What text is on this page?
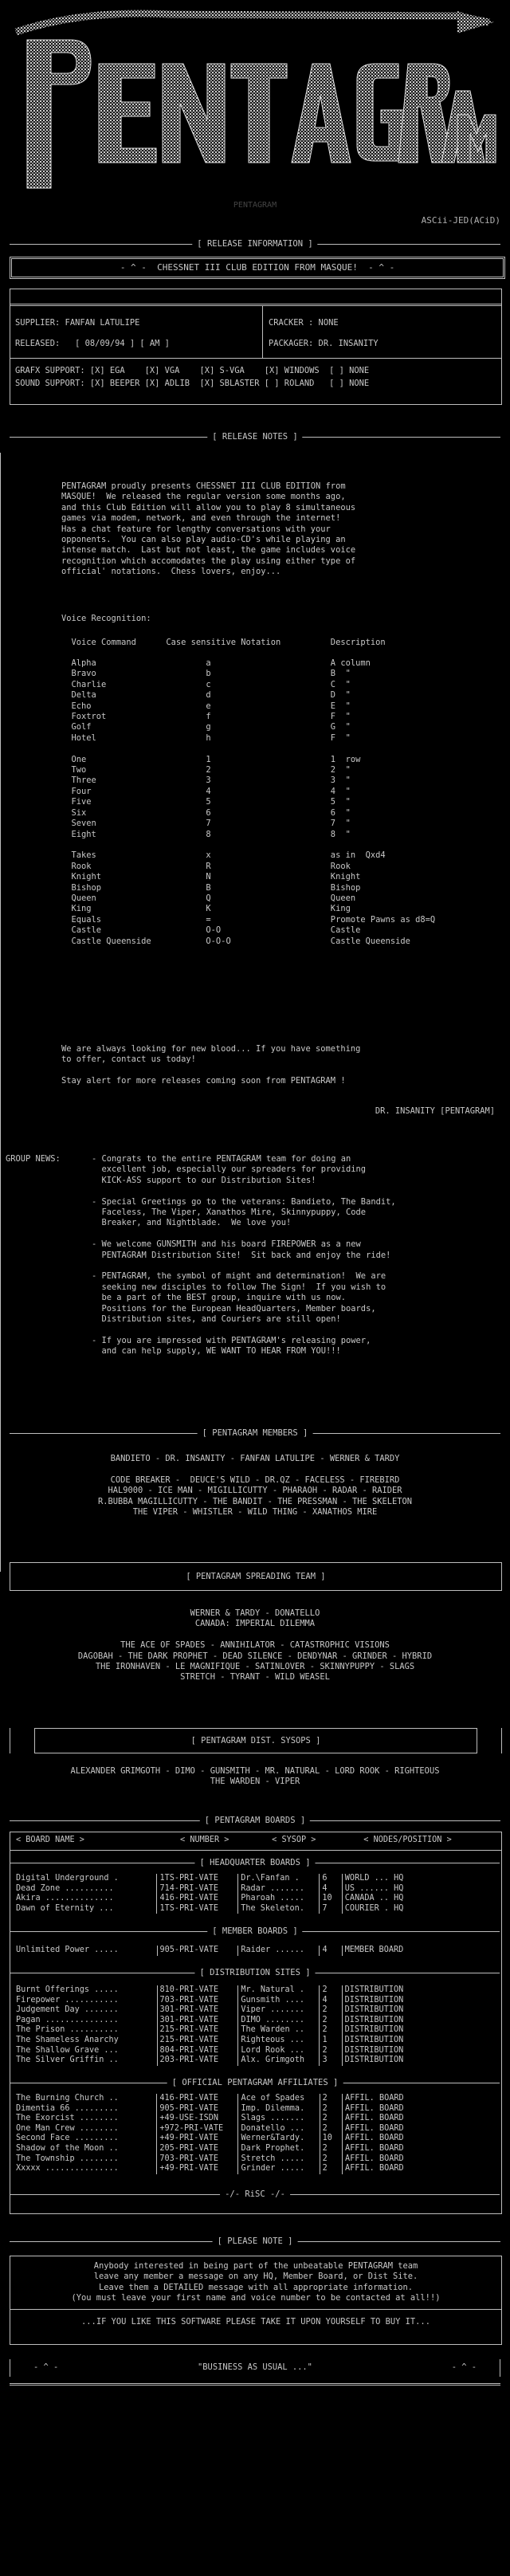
PENTAGRAM
ASCii-JED(ACiD)
[ RELEASE INFORMATION ]
- ^ -  CHESSNET III CLUB EDITION FROM MASQUE!  - ^ -
SUPPLIER: FANFAN LATULIPE	CRACKER : NONE
RELEASED:   [ 08/09/94 ] [ AM ]	PACKAGER: DR. INSANITY
GRAFX SUPPORT: [X] EGA    [X] VGA    [X] S-VGA    [X] WINDOWS  [ ] NONE
SOUND SUPPORT: [X] BEEPER [X] ADLIB  [X] SBLASTER [ ] ROLAND   [ ] NONE
[ RELEASE NOTES ]
PENTAGRAM proudly presents CHESSNET III CLUB EDITION from
MASQUE!  We released the regular version some months ago,
and this Club Edition will allow you to play 8 simultaneous
games via modem, network, and even through the internet!
Has a chat feature for lengthy conversations with your
opponents.  You can also play audio-CD's while playing an
intense match.  Last but not least, the game includes voice
recognition which accomodates the play using either type of
official' notations.  Chess lovers, enjoy...
Voice Recognition:
Voice Command      Case sensitive Notation          Description
Alpha                      a                        A column
Bravo                      b                        B  "
Charlie                    c                        C  "
Delta                      d                        D  "
Echo                       e                        E  "
Foxtrot                    f                        F  "
Golf                       g                        G  "
Hotel                      h                        F  "

One                        1                        1  row
Two                        2                        2  "
Three                      3                        3  "
Four                       4                        4  "
Five                       5                        5  "
Six                        6                        6  "
Seven                      7                        7  "
Eight                      8                        8  "

Takes                      x                        as in  Qxd4
Rook                       R                        Rook
Knight                     N                        Knight
Bishop                     B                        Bishop
Queen                      Q                        Queen
King                       K                        King
Equals                     =                        Promote Pawns as d8=Q
Castle                     O-O                      Castle
Castle Queenside           O-O-O                    Castle Queenside
We are always looking for new blood... If you have something
to offer, contact us today!

Stay alert for more releases coming soon from PENTAGRAM !
DR. INSANITY [PENTAGRAM]
GROUP NEWS:	- Congrats to the entire PENTAGRAM team for doing an
excellent job, especially our spreaders for providing
KICK-ASS support to our Distribution Sites!

- Special Greetings go to the veterans: Bandieto, The Bandit,
Faceless, The Viper, Xanathos Mire, Skinnypuppy, Code
Breaker, and Nightblade.  We love you!

- We welcome GUNSMITH and his board FIREPOWER as a new
PENTAGRAM Distribution Site!  Sit back and enjoy the ride!

- PENTAGRAM, the symbol of might and determination!  We are
seeking new disciples to follow The Sign!  If you wish to
be a part of the BEST group, inquire with us now.
Positions for the European HeadQuarters, Member boards,
Distribution sites, and Couriers are still open!

- If you are impressed with PENTAGRAM's releasing power,
and can help supply, WE WANT TO HEAR FROM YOU!!!
[ PENTAGRAM MEMBERS ]
BANDIETO - DR. INSANITY - FANFAN LATULIPE - WERNER & TARDY

CODE BREAKER -  DEUCE'S WILD - DR.QZ - FACELESS - FIREBIRD
HAL9000 - ICE MAN - MIGILLICUTTY - PHARAOH - RADAR - RAIDER
R.BUBBA MAGILLICUTTY - THE BANDIT - THE PRESSMAN - THE SKELETON
THE VIPER - WHISTLER - WILD THING - XANATHOS MIRE
[ PENTAGRAM SPREADING TEAM ]
WERNER & TARDY - DONATELLO
CANADA: IMPERIAL DILEMMA

THE ACE OF SPADES - ANNIHILATOR - CATASTROPHIC VISIONS
DAGOBAH - THE DARK PROPHET - DEAD SILENCE - DENDYNAR - GRINDER - HYBRID
THE IRONHAVEN - LE MAGNIFIQUE - SATINLOVER - SKINNYPUPPY - SLAGS
STRETCH - TYRANT - WILD WEASEL
[ PENTAGRAM DIST. SYSOPS ]
ALEXANDER GRIMGOTH - DIMO - GUNSMITH - MR. NATURAL - LORD ROOK - RIGHTEOUS
THE WARDEN - VIPER
[ PENTAGRAM BOARDS ]
< BOARD NAME >	< NUMBER >	< SYSOP >	< NODES/POSITION >
[ HEADQUARTER BOARDS ]
Digital Underground .	1TS-PRI-VATE	Dr.\Fanfan .	6	WORLD ... HQ
Dead Zone ..........	714-PRI-VATE	Radar .......	4	US ...... HQ
Akira ..............	416-PRI-VATE	Pharoah .....	10	CANADA .. HQ
Dawn of Eternity ...	1TS-PRI-VATE	The Skeleton.	7	COURIER . HQ
[ MEMBER BOARDS ]
Unlimited Power .....	905-PRI-VATE	Raider ......	4	MEMBER BOARD
[ DISTRIBUTION SITES ]
Burnt Offerings .....	810-PRI-VATE	Mr. Natural .	2	DISTRIBUTION
Firepower ...........	703-PRI-VATE	Gunsmith ....	4	DISTRIBUTION
Judgement Day .......	301-PRI-VATE	Viper .......	2	DISTRIBUTION
Pagan ...............	301-PRI-VATE	DIMO ........	2	DISTRIBUTION
The Prison ..........	215-PRI-VATE	The Warden ..	2	DISTRIBUTION
The Shameless Anarchy	215-PRI-VATE	Righteous ...	1	DISTRIBUTION
The Shallow Grave ...	804-PRI-VATE	Lord Rook ...	2	DISTRIBUTION
The Silver Griffin ..	203-PRI-VATE	Alx. Grimgoth	3	DISTRIBUTION
[ OFFICIAL PENTAGRAM AFFILIATES ]
The Burning Church ..	416-PRI-VATE	Ace of Spades	2	AFFIL. BOARD
Dimentia 66 .........	905-PRI-VATE	Imp. Dilemma.	2	AFFIL. BOARD
The Exorcist ........	+49-USE-ISDN	Slags .......	2	AFFIL. BOARD
One Man Crew ........	+972-PRI-VATE	Donatello ...	2	AFFIL. BOARD
Second Face .........	+49-PRI-VATE	Werner&Tardy.	10	AFFIL. BOARD
Shadow of the Moon ..	205-PRI-VATE	Dark Prophet.	2	AFFIL. BOARD
The Township ........	703-PRI-VATE	Stretch .....	2	AFFIL. BOARD
Xxxxx ...............	+49-PRI-VATE	Grinder .....	2	AFFIL. BOARD
-/- RiSC -/-
[ PLEASE NOTE ]
Anybody interested in being part of the unbeatable PENTAGRAM team
leave any member a message on any HQ, Member Board, or Dist Site.
Leave them a DETAILED message with all appropriate information.
(You must leave your first name and voice number to be contacted at all!!)
...IF YOU LIKE THIS SOFTWARE PLEASE TAKE IT UPON YOURSELF TO BUY IT...
- ^ -	"BUSINESS AS USUAL ..."	- ^ -
